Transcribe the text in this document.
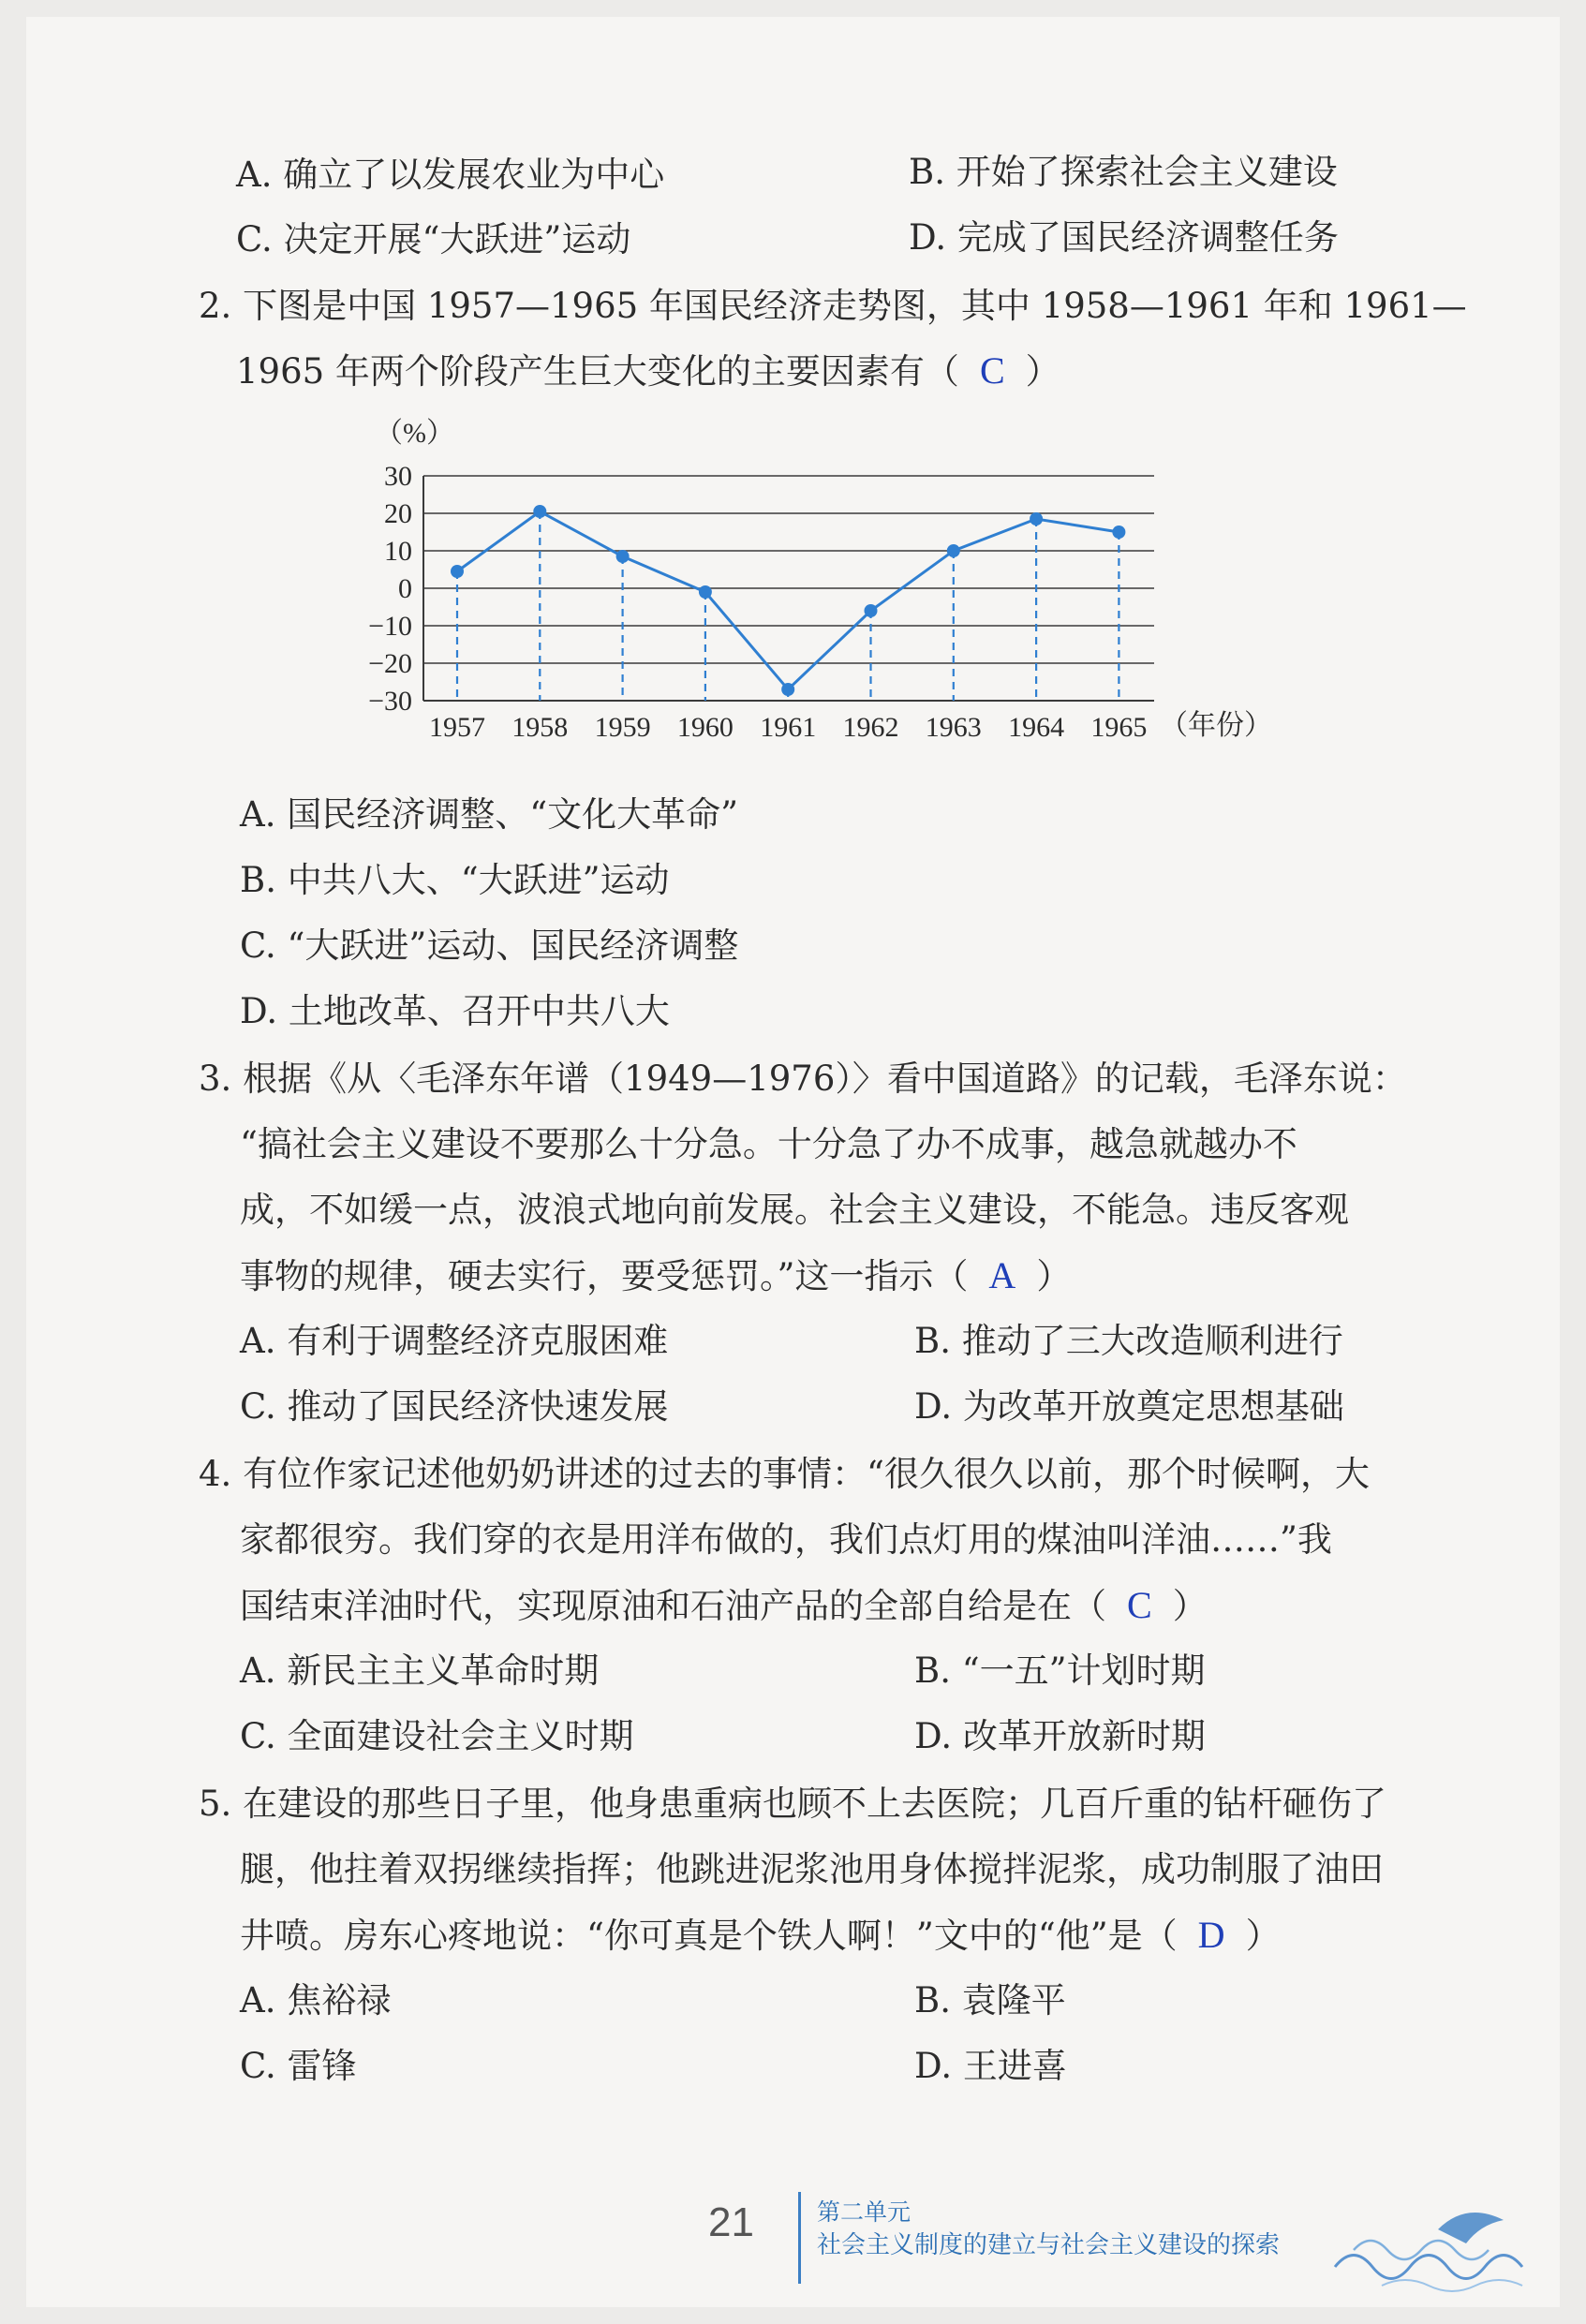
A. 确立了以发展农业为中心	B. 开始了探索社会主义建设
C. 决定开展“大跃进”运动	D. 完成了国民经济调整任务
2. 下图是中国 1957—1965 年国民经济走势图，其中 1958—1961 年和 1961—
1965 年两个阶段产生巨大变化的主要因素有（ C ）
（%）
30
20
10
0
−10
−20
−30
1957 1958 1959 1960 1961 1962 1963 1964 1965 （年份）
A. 国民经济调整、“文化大革命”
B. 中共八大、“大跃进”运动
C. “大跃进”运动、国民经济调整
D. 土地改革、召开中共八大
3. 根据《从〈毛泽东年谱（1949—1976）〉看中国道路》的记载，毛泽东说：
“搞社会主义建设不要那么十分急。十分急了办不成事，越急就越办不
成，不如缓一点，波浪式地向前发展。社会主义建设，不能急。违反客观
事物的规律，硬去实行，要受惩罚。”这一指示（ A ）
A. 有利于调整经济克服困难	B. 推动了三大改造顺利进行
C. 推动了国民经济快速发展	D. 为改革开放奠定思想基础
4. 有位作家记述他奶奶讲述的过去的事情：“很久很久以前，那个时候啊，大
家都很穷。我们穿的衣是用洋布做的，我们点灯用的煤油叫洋油……”我
国结束洋油时代，实现原油和石油产品的全部自给是在（ C ）
A. 新民主主义革命时期	B. “一五”计划时期
C. 全面建设社会主义时期	D. 改革开放新时期
5. 在建设的那些日子里，他身患重病也顾不上去医院；几百斤重的钻杆砸伤了
腿，他拄着双拐继续指挥；他跳进泥浆池用身体搅拌泥浆，成功制服了油田
井喷。房东心疼地说：“你可真是个铁人啊！”文中的“他”是（ D ）
A. 焦裕禄	B. 袁隆平
C. 雷锋	D. 王进喜
21	第二单元
社会主义制度的建立与社会主义建设的探索
